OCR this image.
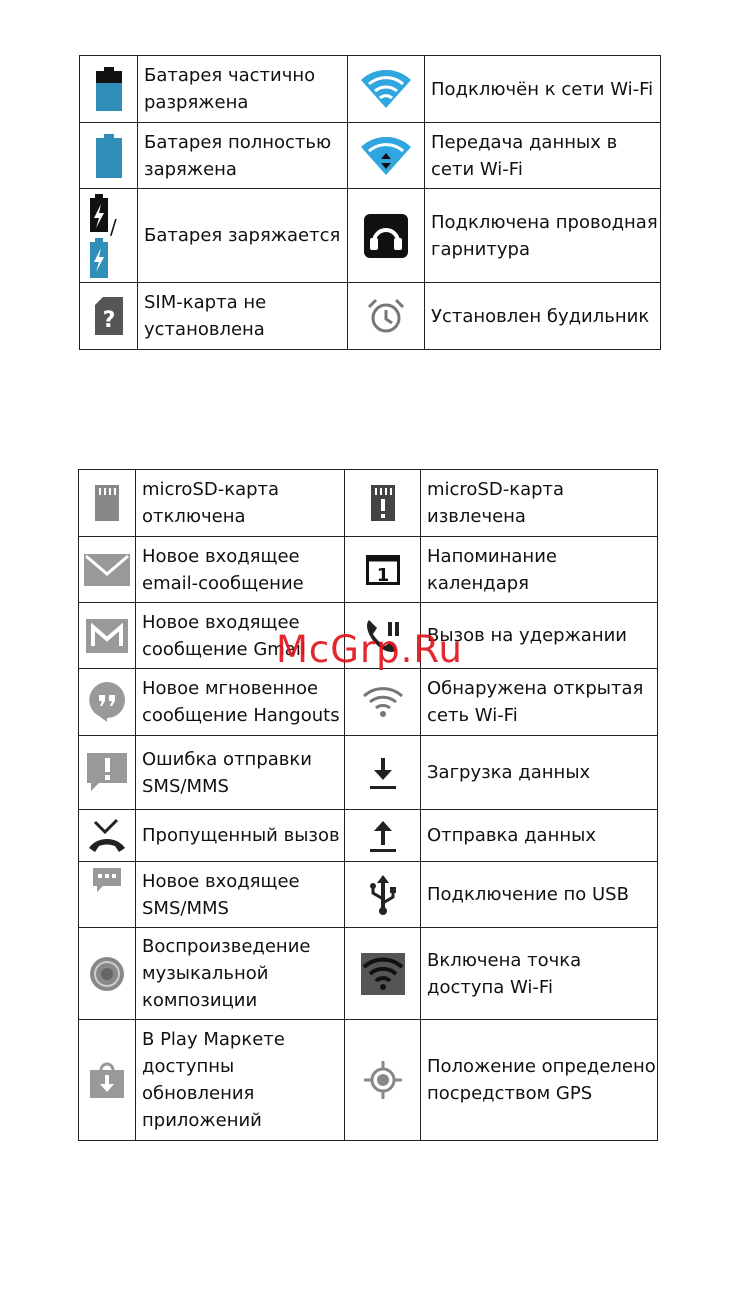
	Батарея частично разряжена		Подключён к сети Wi-Fi

	Батарея полностью заряжена		Передача данных в сети Wi-Fi

/	Батарея заряжается		Подключена проводная гарнитура

?	SIM-карта не установлена		Установлен будильник
	microSD-карта отключена		microSD-карта извлечена

	Новое входящее email-сообщение	1	Напоминание календаря

	Новое входящее сообщение Gmail		Вызов на удержании

	Новое мгновенное сообщение Hangouts		Обнаружена открытая сеть Wi-Fi

	Ошибка отправки SMS/MMS		Загрузка данных

	Пропущенный вызов		Отправка данных

	Новое входящее SMS/MMS		Подключение по USB

	Воспроизведение музыкальной композиции		Включена точка доступа Wi-Fi

	В Play Маркете доступны обновления приложений		Положение определено посредством GPS
McGrp.Ru
